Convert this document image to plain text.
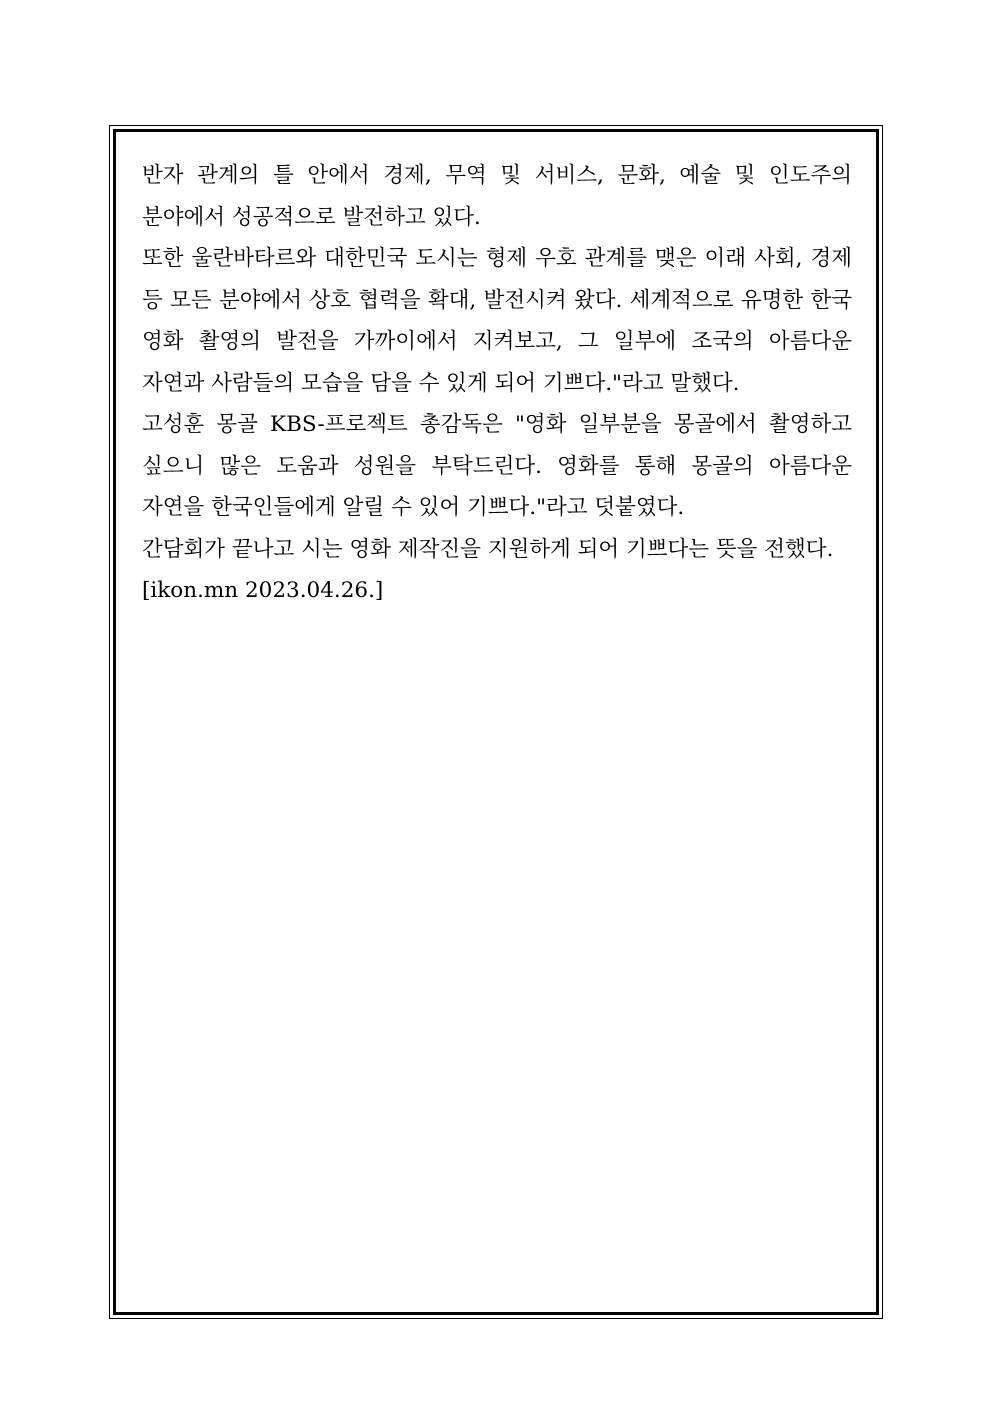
반자 관계의 틀 안에서 경제, 무역 및 서비스, 문화, 예술 및 인도주의 분야에서 성공적으로 발전하고 있다.

또한 울란바타르와 대한민국 도시는 형제 우호 관계를 맺은 이래 사회, 경제 등 모든 분야에서 상호 협력을 확대, 발전시켜 왔다. 세계적으로 유명한 한국 영화 촬영의 발전을 가까이에서 지켜보고, 그 일부에 조국의 아름다운 자연과 사람들의 모습을 담을 수 있게 되어 기쁘다."라고 말했다.

고성훈 몽골 KBS-프로젝트 총감독은 "영화 일부분을 몽골에서 촬영하고 싶으니 많은 도움과 성원을 부탁드린다. 영화를 통해 몽골의 아름다운 자연을 한국인들에게 알릴 수 있어 기쁘다."라고 덧붙였다.

간담회가 끝나고 시는 영화 제작진을 지원하게 되어 기쁘다는 뜻을 전했다.

[ikon.mn 2023.04.26.]
